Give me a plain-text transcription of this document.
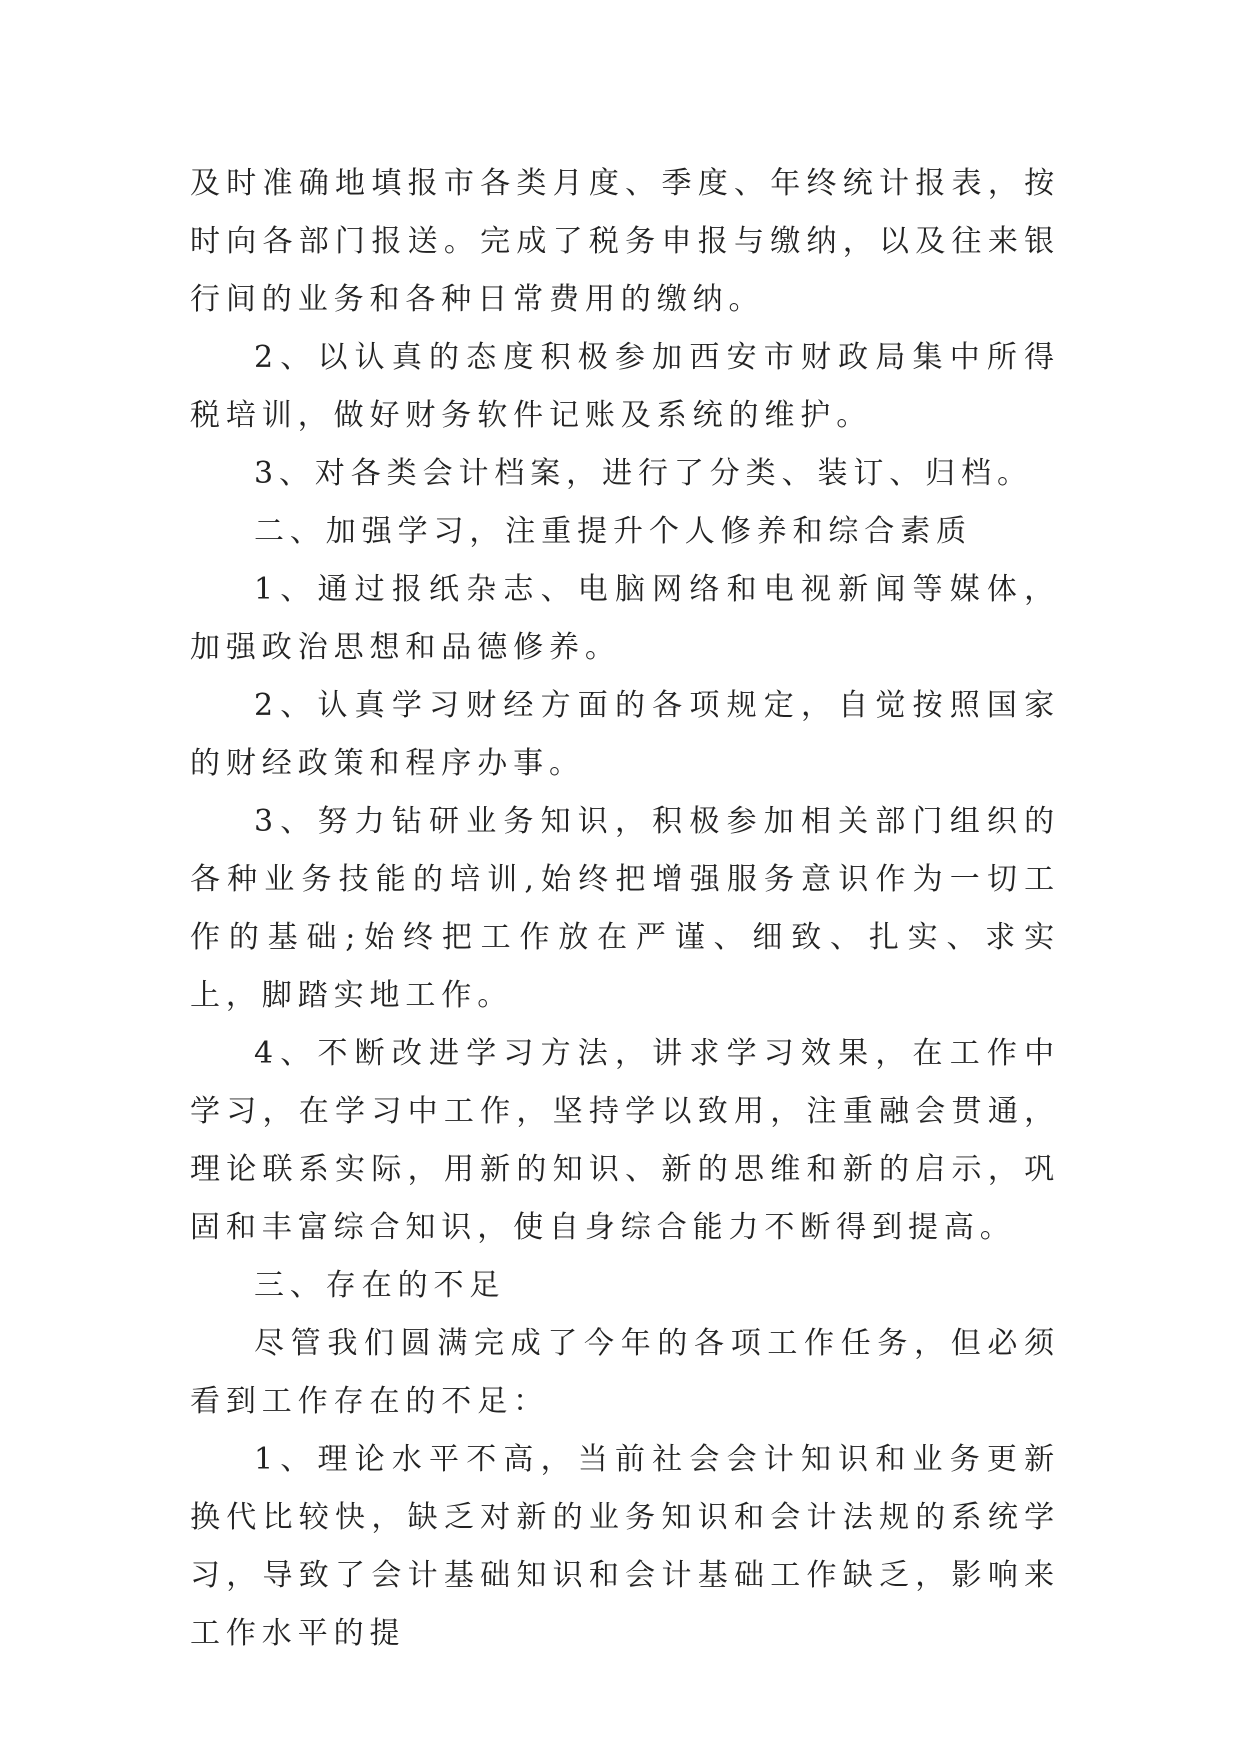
及时准确地填报市各类月度、季度、年终统计报表，按时向各部门报送。完成了税务申报与缴纳，以及往来银行间的业务和各种日常费用的缴纳。

2、以认真的态度积极参加西安市财政局集中所得税培训，做好财务软件记账及系统的维护。

3、对各类会计档案，进行了分类、装订、归档。

二、加强学习，注重提升个人修养和综合素质

1、通过报纸杂志、电脑网络和电视新闻等媒体，加强政治思想和品德修养。

2、认真学习财经方面的各项规定，自觉按照国家的财经政策和程序办事。

3、努力钻研业务知识，积极参加相关部门组织的各种业务技能的培训,始终把增强服务意识作为一切工作的基础;始终把工作放在严谨、细致、扎实、求实上，脚踏实地工作。

4、不断改进学习方法，讲求学习效果，在工作中学习，在学习中工作，坚持学以致用，注重融会贯通，理论联系实际，用新的知识、新的思维和新的启示，巩固和丰富综合知识，使自身综合能力不断得到提高。

三、存在的不足

尽管我们圆满完成了今年的各项工作任务，但必须看到工作存在的不足：

1、理论水平不高，当前社会会计知识和业务更新换代比较快，缺乏对新的业务知识和会计法规的系统学习，导致了会计基础知识和会计基础工作缺乏，影响来工作水平的提
